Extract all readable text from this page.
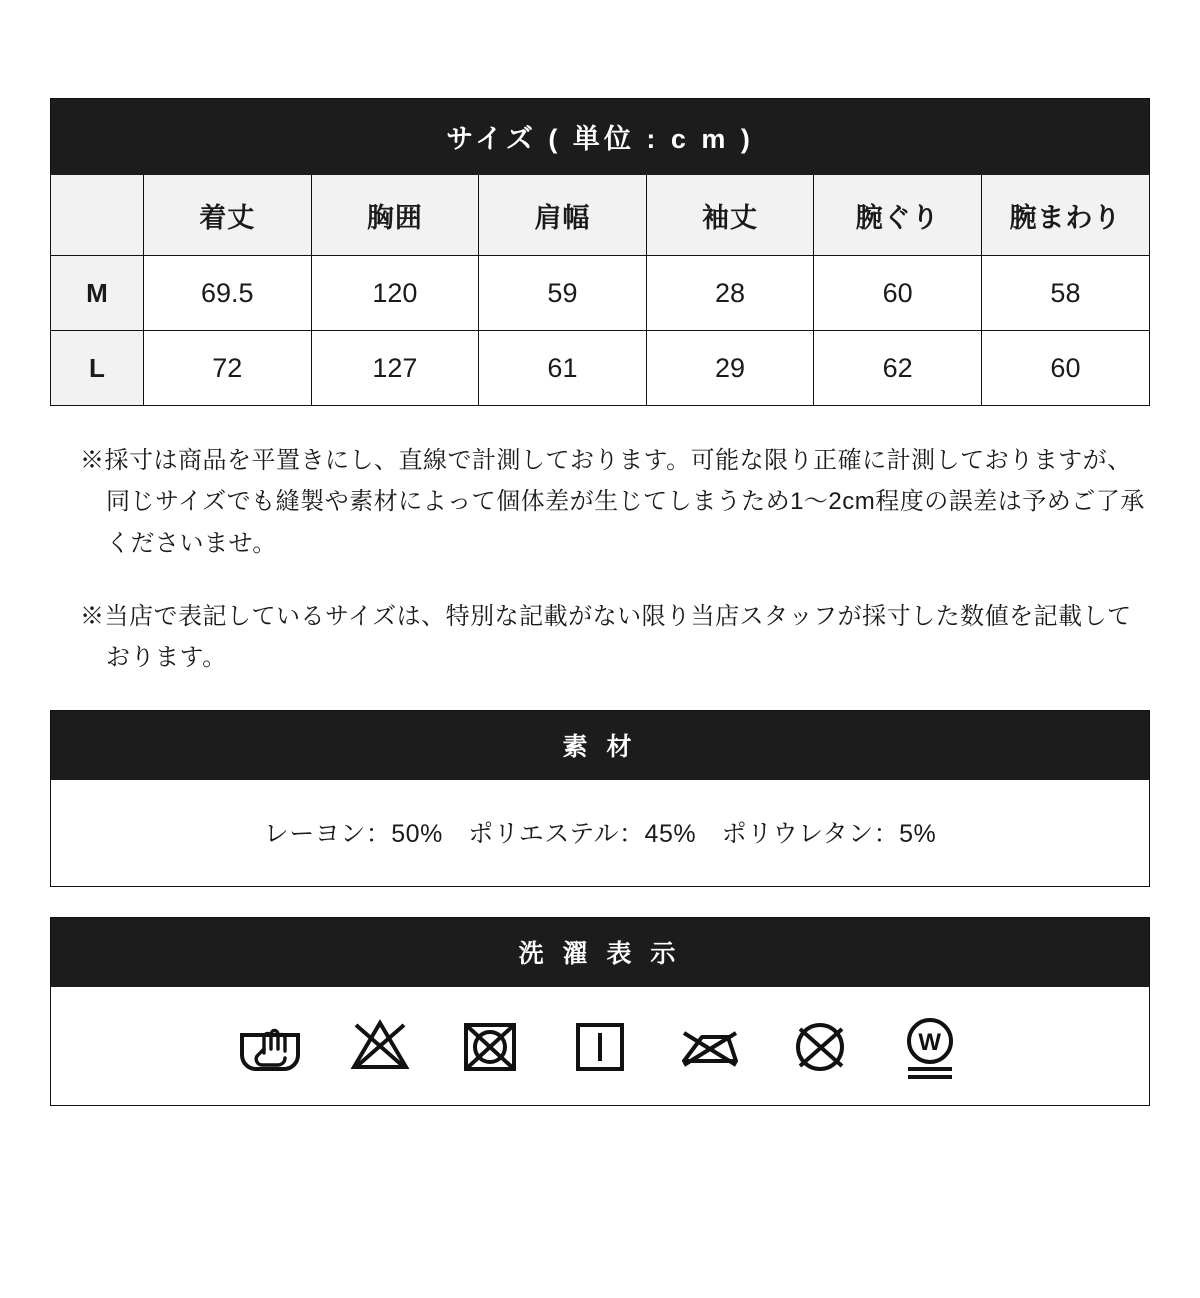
サイズ ( 単位 : c m )
	着丈	胸囲	肩幅	袖丈	腕ぐり	腕まわり
M	69.5	120	59	28	60	58
L	72	127	61	29	62	60
※採寸は商品を平置きにし、直線で計測しております。可能な限り正確に計測しておりますが、同じサイズでも縫製や素材によって個体差が生じてしまうため1〜2cm程度の誤差は予めご了承くださいませ。
※当店で表記しているサイズは、特別な記載がない限り当店スタッフが採寸した数値を記載しております。
素 材
レーヨン：50%　ポリエステル：45%　ポリウレタン：5%
洗 濯 表 示
W
